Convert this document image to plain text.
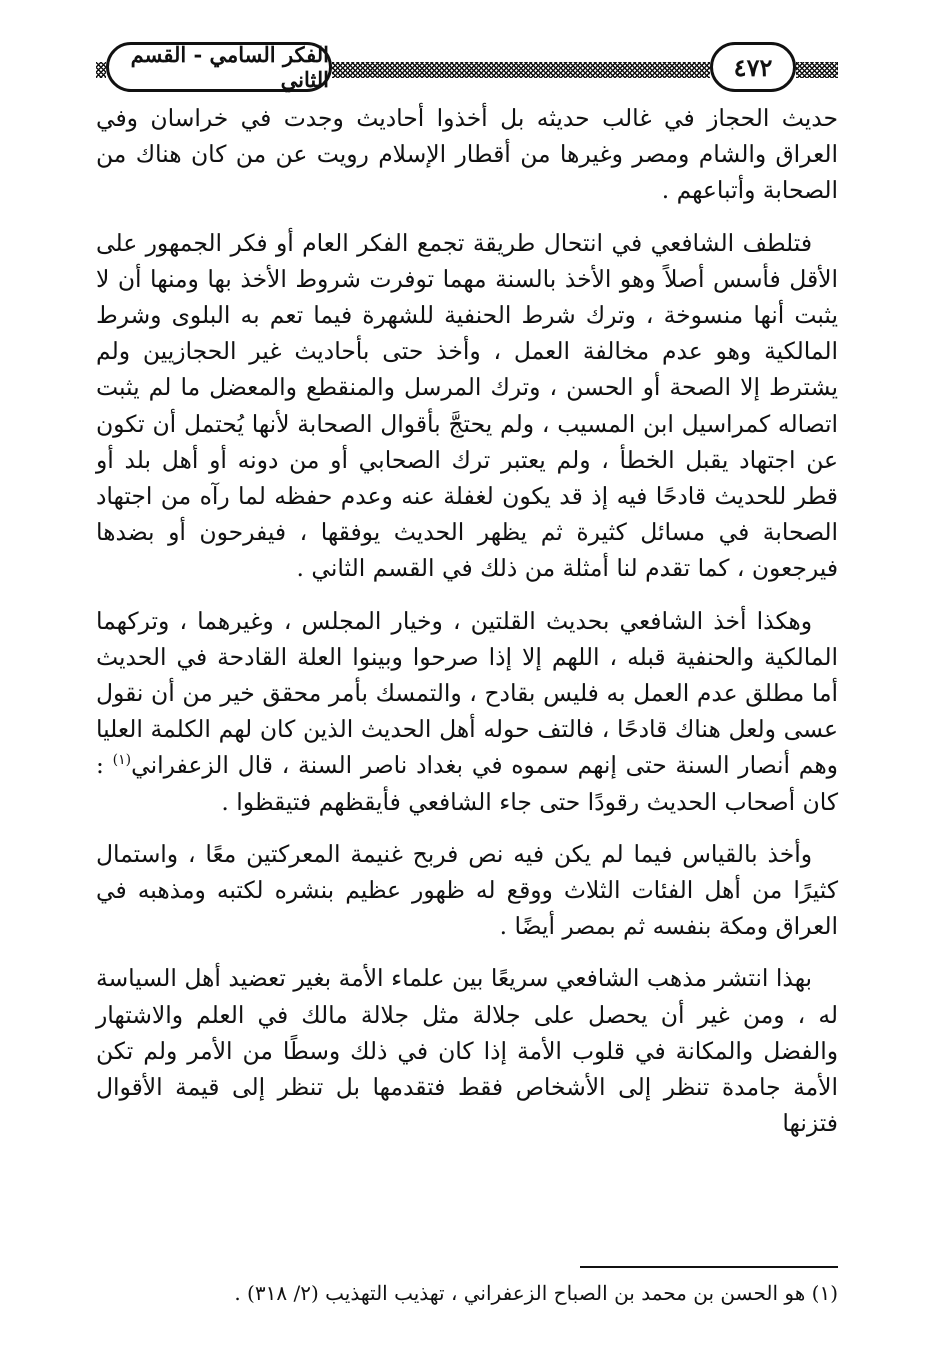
الفكر السامي - القسم الثاني	٤٧٢

حديث الحجاز في غالب حديثه بل أخذوا أحاديث وجدت في خراسان وفي العراق والشام ومصر وغيرها من أقطار الإسلام رويت عن من كان هناك من الصحابة وأتباعهم .

فتلطف الشافعي في انتحال طريقة تجمع الفكر العام أو فكر الجمهور على الأقل فأسس أصلاً وهو الأخذ بالسنة مهما توفرت شروط الأخذ بها ومنها أن لا يثبت أنها منسوخة ، وترك شرط الحنفية للشهرة فيما تعم به البلوى وشرط المالكية وهو عدم مخالفة العمل ، وأخذ حتى بأحاديث غير الحجازيين ولم يشترط إلا الصحة أو الحسن ، وترك المرسل والمنقطع والمعضل ما لم يثبت اتصاله كمراسيل ابن المسيب ، ولم يحتجَّ بأقوال الصحابة لأنها يُحتمل أن تكون عن اجتهاد يقبل الخطأ ، ولم يعتبر ترك الصحابي أو من دونه أو أهل بلد أو قطر للحديث قادحًا فيه إذ قد يكون لغفلة عنه وعدم حفظه لما رآه من اجتهاد الصحابة في مسائل كثيرة ثم يظهر الحديث يوفقها ، فيفرحون أو بضدها فيرجعون ، كما تقدم لنا أمثلة من ذلك في القسم الثاني .

وهكذا أخذ الشافعي بحديث القلتين ، وخيار المجلس ، وغيرهما ، وتركهما المالكية والحنفية قبله ، اللهم إلا إذا صرحوا وبينوا العلة القادحة في الحديث أما مطلق عدم العمل به فليس بقادح ، والتمسك بأمر محقق خير من أن نقول عسى ولعل هناك قادحًا ، فالتف حوله أهل الحديث الذين كان لهم الكلمة العليا وهم أنصار السنة حتى إنهم سموه في بغداد ناصر السنة ، قال الزعفراني$^{(١)}$ : كان أصحاب الحديث رقودًا حتى جاء الشافعي فأيقظهم فتيقظوا .

وأخذ بالقياس فيما لم يكن فيه نص فربح غنيمة المعركتين معًا ، واستمال كثيرًا من أهل الفئات الثلاث ووقع له ظهور عظيم بنشره لكتبه ومذهبه في العراق ومكة بنفسه ثم بمصر أيضًا .

بهذا انتشر مذهب الشافعي سريعًا بين علماء الأمة بغير تعضيد أهل السياسة له ، ومن غير أن يحصل على جلالة مثل جلالة مالك في العلم والاشتهار والفضل والمكانة في قلوب الأمة إذا كان في ذلك وسطًا من الأمر ولم تكن الأمة جامدة تنظر إلى الأشخاص فقط فتقدمها بل تنظر إلى قيمة الأقوال فتزنها

(١) هو الحسن بن محمد بن الصباح الزعفراني ، تهذيب التهذيب (٢/ ٣١٨) .
